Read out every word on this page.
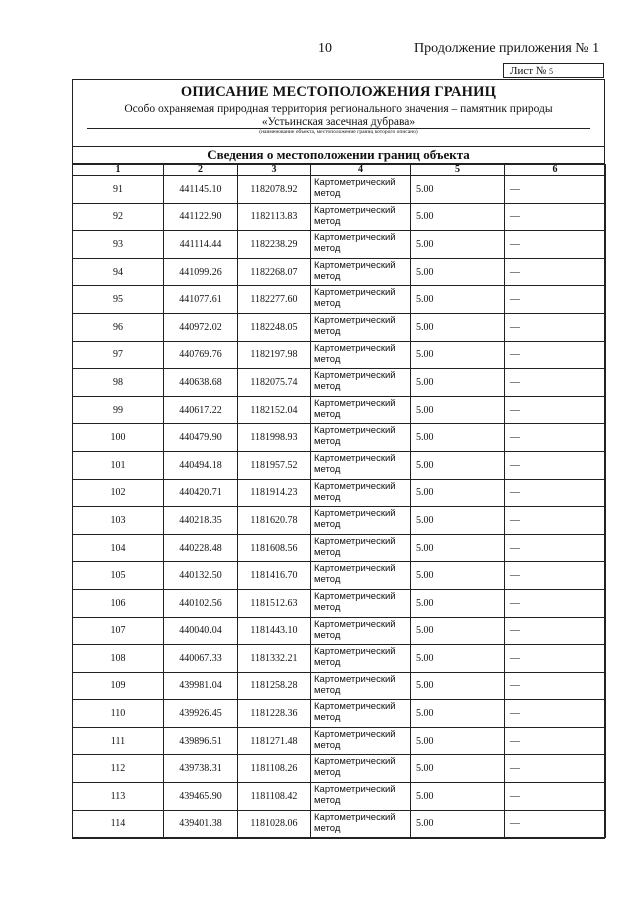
10	Продолжение приложения № 1
Лист № 5
ОПИСАНИЕ МЕСТОПОЛОЖЕНИЯ ГРАНИЦ
Особо охраняемая природная территория регионального значения – памятник природы
«Устьинская засечная дубрава»
(наименование объекта, местоположение границ которого описано)
Сведения о местоположении границ объекта
1	2	3	4	5	6
91	441145.10	1182078.92	Картометрический метод	5.00	—
92	441122.90	1182113.83	Картометрический метод	5.00	—
93	441114.44	1182238.29	Картометрический метод	5.00	—
94	441099.26	1182268.07	Картометрический метод	5.00	—
95	441077.61	1182277.60	Картометрический метод	5.00	—
96	440972.02	1182248.05	Картометрический метод	5.00	—
97	440769.76	1182197.98	Картометрический метод	5.00	—
98	440638.68	1182075.74	Картометрический метод	5.00	—
99	440617.22	1182152.04	Картометрический метод	5.00	—
100	440479.90	1181998.93	Картометрический метод	5.00	—
101	440494.18	1181957.52	Картометрический метод	5.00	—
102	440420.71	1181914.23	Картометрический метод	5.00	—
103	440218.35	1181620.78	Картометрический метод	5.00	—
104	440228.48	1181608.56	Картометрический метод	5.00	—
105	440132.50	1181416.70	Картометрический метод	5.00	—
106	440102.56	1181512.63	Картометрический метод	5.00	—
107	440040.04	1181443.10	Картометрический метод	5.00	—
108	440067.33	1181332.21	Картометрический метод	5.00	—
109	439981.04	1181258.28	Картометрический метод	5.00	—
110	439926.45	1181228.36	Картометрический метод	5.00	—
111	439896.51	1181271.48	Картометрический метод	5.00	—
112	439738.31	1181108.26	Картометрический метод	5.00	—
113	439465.90	1181108.42	Картометрический метод	5.00	—
114	439401.38	1181028.06	Картометрический метод	5.00	—
